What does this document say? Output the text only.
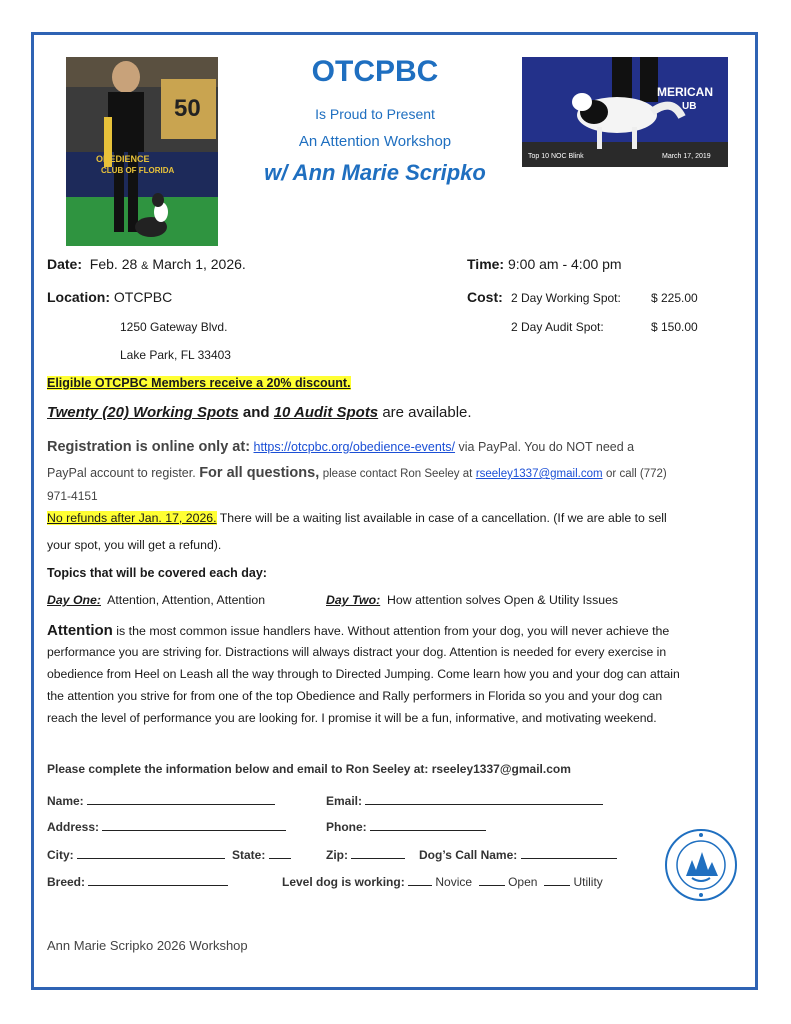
OBEDIENCE
CLUB OF FLORIDA
50
MERICAN
UB
Top 10 NOC Blink	March 17, 2019
OTCPBC
Is Proud to Present
An Attention Workshop
w/ Ann Marie Scripko
Date: Feb. 28 & March 1, 2026.	Time: 9:00 am - 4:00 pm
Location: OTCPBC	Cost: 2 Day Working Spot:	$ 225.00
1250 Gateway Blvd.	2 Day Audit Spot:	$ 150.00
Lake Park, FL 33403
Eligible OTCPBC Members receive a 20% discount.
Twenty (20) Working Spots and 10 Audit Spots are available.
Registration is online only at: https://otcpbc.org/obedience-events/ via PayPal. You do NOT need a
PayPal account to register. For all questions, please contact Ron Seeley at rseeley1337@gmail.com or call (772)
971-4151
No refunds after Jan. 17, 2026. There will be a waiting list available in case of a cancellation. (If we are able to sell
your spot, you will get a refund).
Topics that will be covered each day:
Day One: Attention, Attention, Attention	Day Two: How attention solves Open & Utility Issues
Attention is the most common issue handlers have. Without attention from your dog, you will never achieve the
performance you are striving for. Distractions will always distract your dog. Attention is needed for every exercise in
obedience from Heel on Leash all the way through to Directed Jumping. Come learn how you and your dog can attain
the attention you strive for from one of the top Obedience and Rally performers in Florida so you and your dog can
reach the level of performance you are looking for. I promise it will be a fun, informative, and motivating weekend.
Please complete the information below and email to Ron Seeley at: rseeley1337@gmail.com
Name:	Email:
Address:	Phone:
City:	State:	Zip:	Dog’s Call Name:
Breed:	Level dog is working:	Novice	Open	Utility
Ann Marie Scripko 2026 Workshop
